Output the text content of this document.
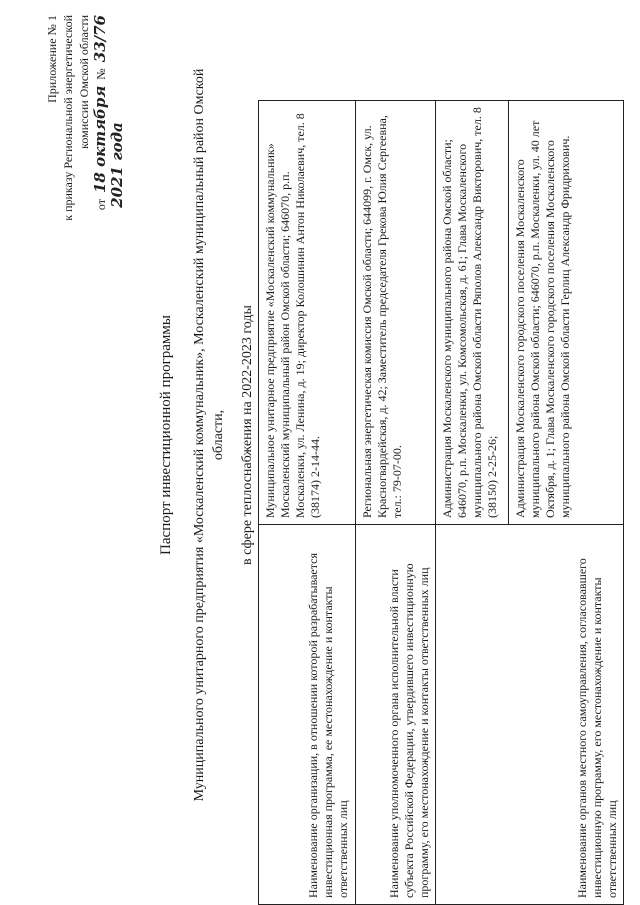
Приложение № 1 к приказу Региональной энергетической комиссии Омской области
от
18 октября
№
33/76
2021 года
Паспорт инвестиционной программы Муниципального унитарного предприятия «Москаленский коммунальник», Москаленский муниципальный район Омской области, в сфере теплоснабжения на 2022-2023 годы
Наименование организации, в отношении которой разрабатывается инвестиционная программа, ее местонахождение и контакты ответственных лиц
Муниципальное унитарное предприятие «Москаленский коммунальник» Москаленский муниципальный район Омской области; 646070, р.п. Москаленки, ул. Ленина, д. 19; директор Колошинин Антон Николаевич, тел. 8 (38174) 2-14-44.
Наименование уполномоченного органа исполнительной власти субъекта Российской Федерации, утвердившего инвестиционную программу, его местонахождение и контакты ответственных лиц
Региональная энергетическая комиссия Омской области; 644099, г. Омск, ул. Красногвардейская, д. 42; Заместитель председателя Грекова Юлия Сергеевна, тел.: 79-07-00.
Наименование органов местного самоуправления, согласовавшего инвестиционную программу, его местонахождение и контакты ответственных лиц
Администрация Москаленского муниципального района Омской области; 646070, р.п. Москаленки, ул. Комсомольская, д. 61; Глава Москаленского муниципального района Омской области Ряполов Александр Викторович, тел. 8 (38150) 2-25-26;	Администрация Москаленского городского поселения Москаленского муниципального района Омской области; 646070, р.п. Москаленки, ул. 40 лет Октября, д. 1; Глава Москаленского городского поселения Москаленского муниципального района Омской области Герлиц Александр Фридрихович.
